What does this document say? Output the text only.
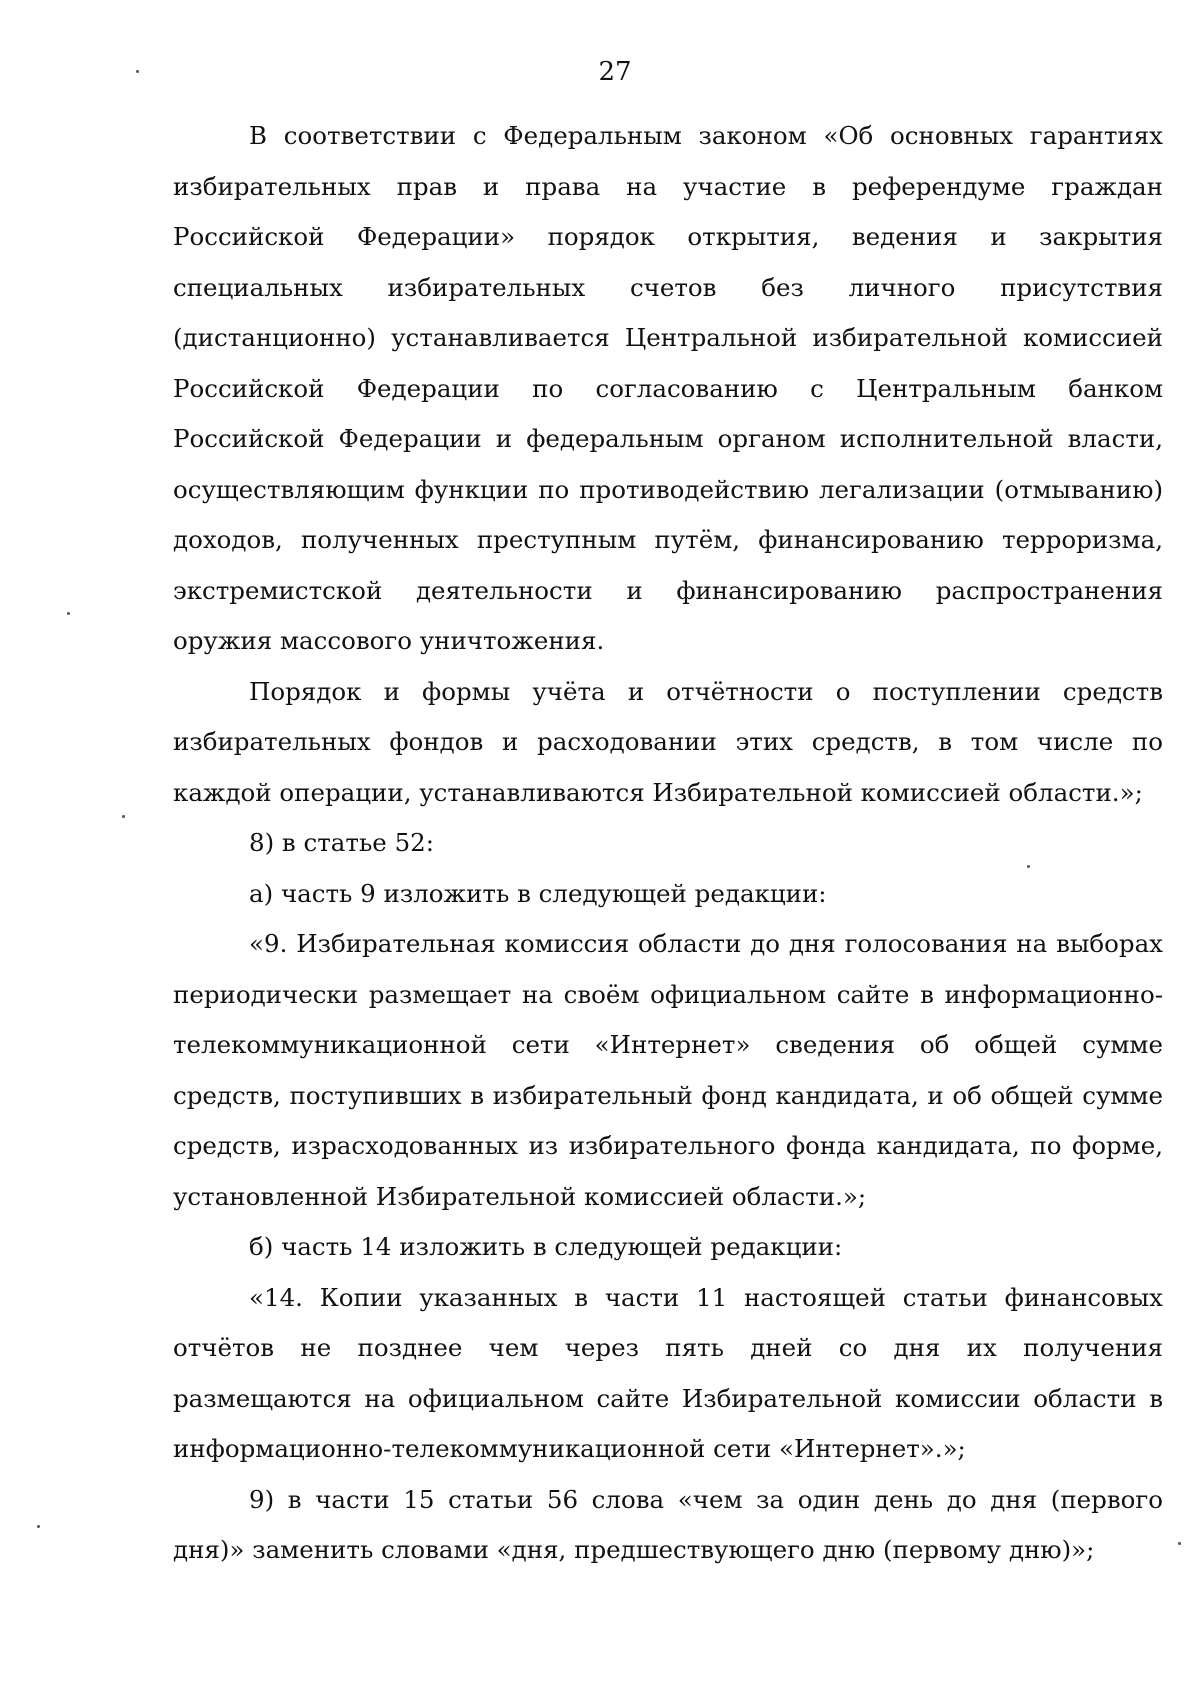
27

В соответствии с Федеральным законом «Об основных гарантиях избирательных прав и права на участие в референдуме граждан Российской Федерации» порядок открытия, ведения и закрытия специальных избирательных счетов без личного присутствия (дистанционно) устанавливается Центральной избирательной комиссией Российской Федерации по согласованию с Центральным банком Российской Федерации и федеральным органом исполнительной власти, осуществляющим функции по противодействию легализации (отмыванию) доходов, полученных преступным путём, финансированию терроризма, экстремистской деятельности и финансированию распространения оружия массового уничтожения.

Порядок и формы учёта и отчётности о поступлении средств избирательных фондов и расходовании этих средств, в том числе по каждой операции, устанавливаются Избирательной комиссией области.»;

8) в статье 52:

а) часть 9 изложить в следующей редакции:

«9. Избирательная комиссия области до дня голосования на выборах периодически размещает на своём официальном сайте в информационно-телекоммуникационной сети «Интернет» сведения об общей сумме средств, поступивших в избирательный фонд кандидата, и об общей сумме средств, израсходованных из избирательного фонда кандидата, по форме, установленной Избирательной комиссией области.»;

б) часть 14 изложить в следующей редакции:

«14. Копии указанных в части 11 настоящей статьи финансовых отчётов не позднее чем через пять дней со дня их получения размещаются на официальном сайте Избирательной комиссии области в информационно-телекоммуникационной сети «Интернет».»;

9) в части 15 статьи 56 слова «чем за один день до дня (первого дня)» заменить словами «дня, предшествующего дню (первому дню)»;
